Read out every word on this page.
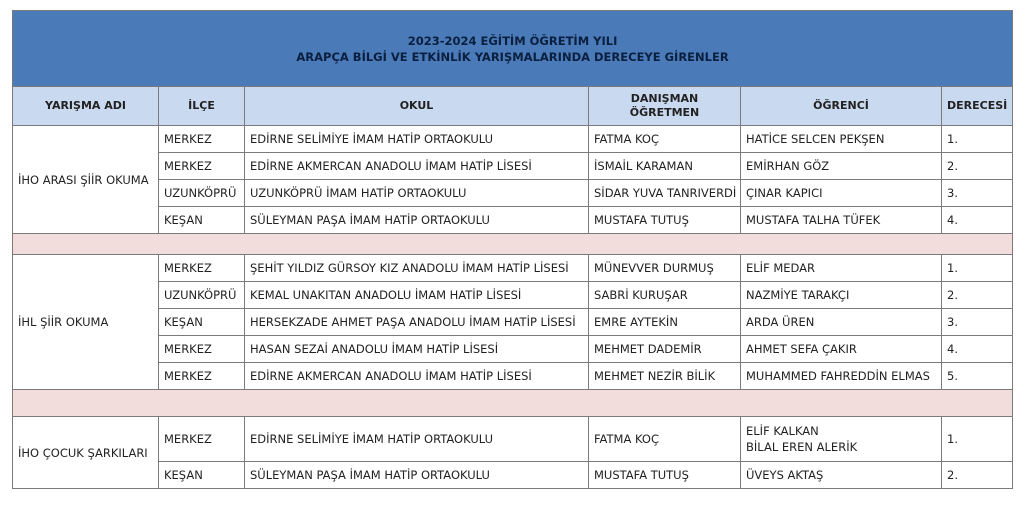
2023-2024 EĞİTİM ÖĞRETİM YILI
ARAPÇA BİLGİ VE ETKİNLİK YARIŞMALARINDA DERECEYE GİRENLER					

YARIŞMA ADI	İLÇE	OKUL	DANIŞMAN
ÖĞRETMEN	ÖĞRENCİ	DERECESİ
İHO ARASI ŞİİR OKUMA	MERKEZ	EDİRNE SELİMİYE İMAM HATİP ORTAOKULU	FATMA KOÇ	HATİCE SELCEN PEKŞEN	1.
	MERKEZ	EDİRNE AKMERCAN ANADOLU İMAM HATİP LİSESİ	İSMAİL KARAMAN	EMİRHAN GÖZ	2.
	UZUNKÖPRÜ	UZUNKÖPRÜ İMAM HATİP ORTAOKULU	SİDAR YUVA TANRIVERDİ	ÇINAR KAPICI	3.
	KEŞAN	SÜLEYMAN PAŞA İMAM HATİP ORTAOKULU	MUSTAFA TUTUŞ	MUSTAFA TALHA TÜFEK	4.

İHL ŞİİR OKUMA	MERKEZ	ŞEHİT YILDIZ GÜRSOY KIZ ANADOLU İMAM HATİP LİSESİ	MÜNEVVER DURMUŞ	ELİF MEDAR	1.
	UZUNKÖPRÜ	KEMAL UNAKITAN ANADOLU İMAM HATİP LİSESİ	SABRİ KURUŞAR	NAZMİYE TARAKÇI	2.
	KEŞAN	HERSEKZADE AHMET PAŞA ANADOLU İMAM HATİP LİSESİ	EMRE AYTEKİN	ARDA ÜREN	3.
	MERKEZ	HASAN SEZAİ ANADOLU İMAM HATİP LİSESİ	MEHMET DADEMİR	AHMET SEFA ÇAKIR	4.
	MERKEZ	EDİRNE AKMERCAN ANADOLU İMAM HATİP LİSESİ	MEHMET NEZİR BİLİK	MUHAMMED FAHREDDİN ELMAS	5.

İHO ÇOCUK ŞARKILARI	MERKEZ	EDİRNE SELİMİYE İMAM HATİP ORTAOKULU	FATMA KOÇ	ELİF KALKAN
BİLAL EREN ALERİK	1.
	KEŞAN	SÜLEYMAN PAŞA İMAM HATİP ORTAOKULU	MUSTAFA TUTUŞ	ÜVEYS AKTAŞ	2.
